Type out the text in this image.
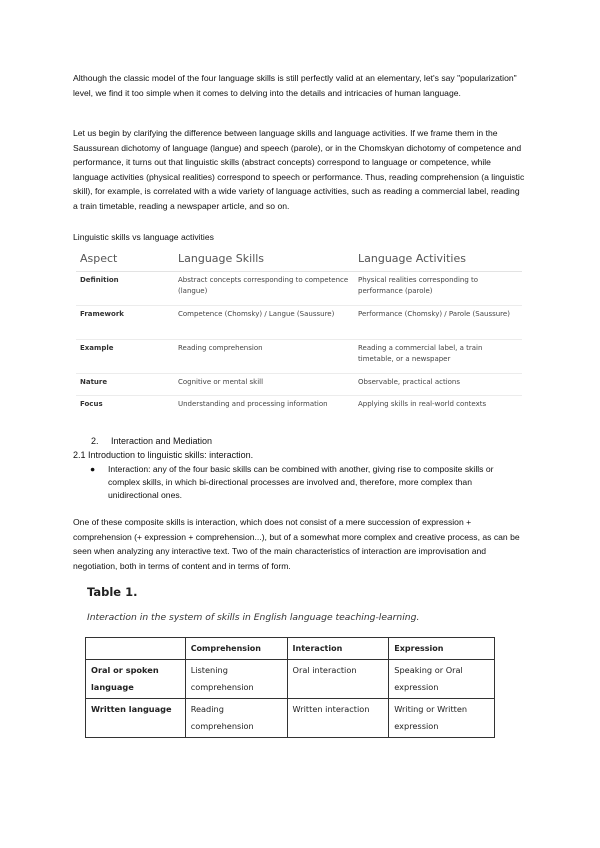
Although the classic model of the four language skills is still perfectly valid at an elementary, let's say "popularization" level, we find it too simple when it comes to delving into the details and intricacies of human language.

Let us begin by clarifying the difference between language skills and language activities. If we frame them in the Saussurean dichotomy of language (langue) and speech (parole), or in the Chomskyan dichotomy of competence and performance, it turns out that linguistic skills (abstract concepts) correspond to language or competence, while language activities (physical realities) correspond to speech or performance. Thus, reading comprehension (a linguistic skill), for example, is correlated with a wide variety of language activities, such as reading a commercial label, reading a train timetable, reading a newspaper article, and so on.

Linguistic skills vs language activities
Aspect	Language Skills	Language Activities
Definition	Abstract concepts corresponding to competence (langue)	Physical realities corresponding to performance (parole)
Framework	Competence (Chomsky) / Langue (Saussure)	Performance (Chomsky) / Parole (Saussure)
Example	Reading comprehension	Reading a commercial label, a train timetable, or a newspaper
Nature	Cognitive or mental skill	Observable, practical actions
Focus	Understanding and processing information	Applying skills in real-world contexts
2. Interaction and Mediation
2.1 Introduction to linguistic skills: interaction.
● Interaction: any of the four basic skills can be combined with another, giving rise to composite skills or complex skills, in which bi-directional processes are involved and, therefore, more complex than unidirectional ones.

One of these composite skills is interaction, which does not consist of a mere succession of expression + comprehension (+ expression + comprehension...), but of a somewhat more complex and creative process, as can be seen when analyzing any interactive text. Two of the main characteristics of interaction are improvisation and negotiation, both in terms of content and in terms of form.

Table 1.
Interaction in the system of skills in English language teaching-learning.
	Comprehension	Interaction	Expression
Oral or spoken language	Listening comprehension	Oral interaction	Speaking or Oral expression
Written language	Reading comprehension	Written interaction	Writing or Written expression
